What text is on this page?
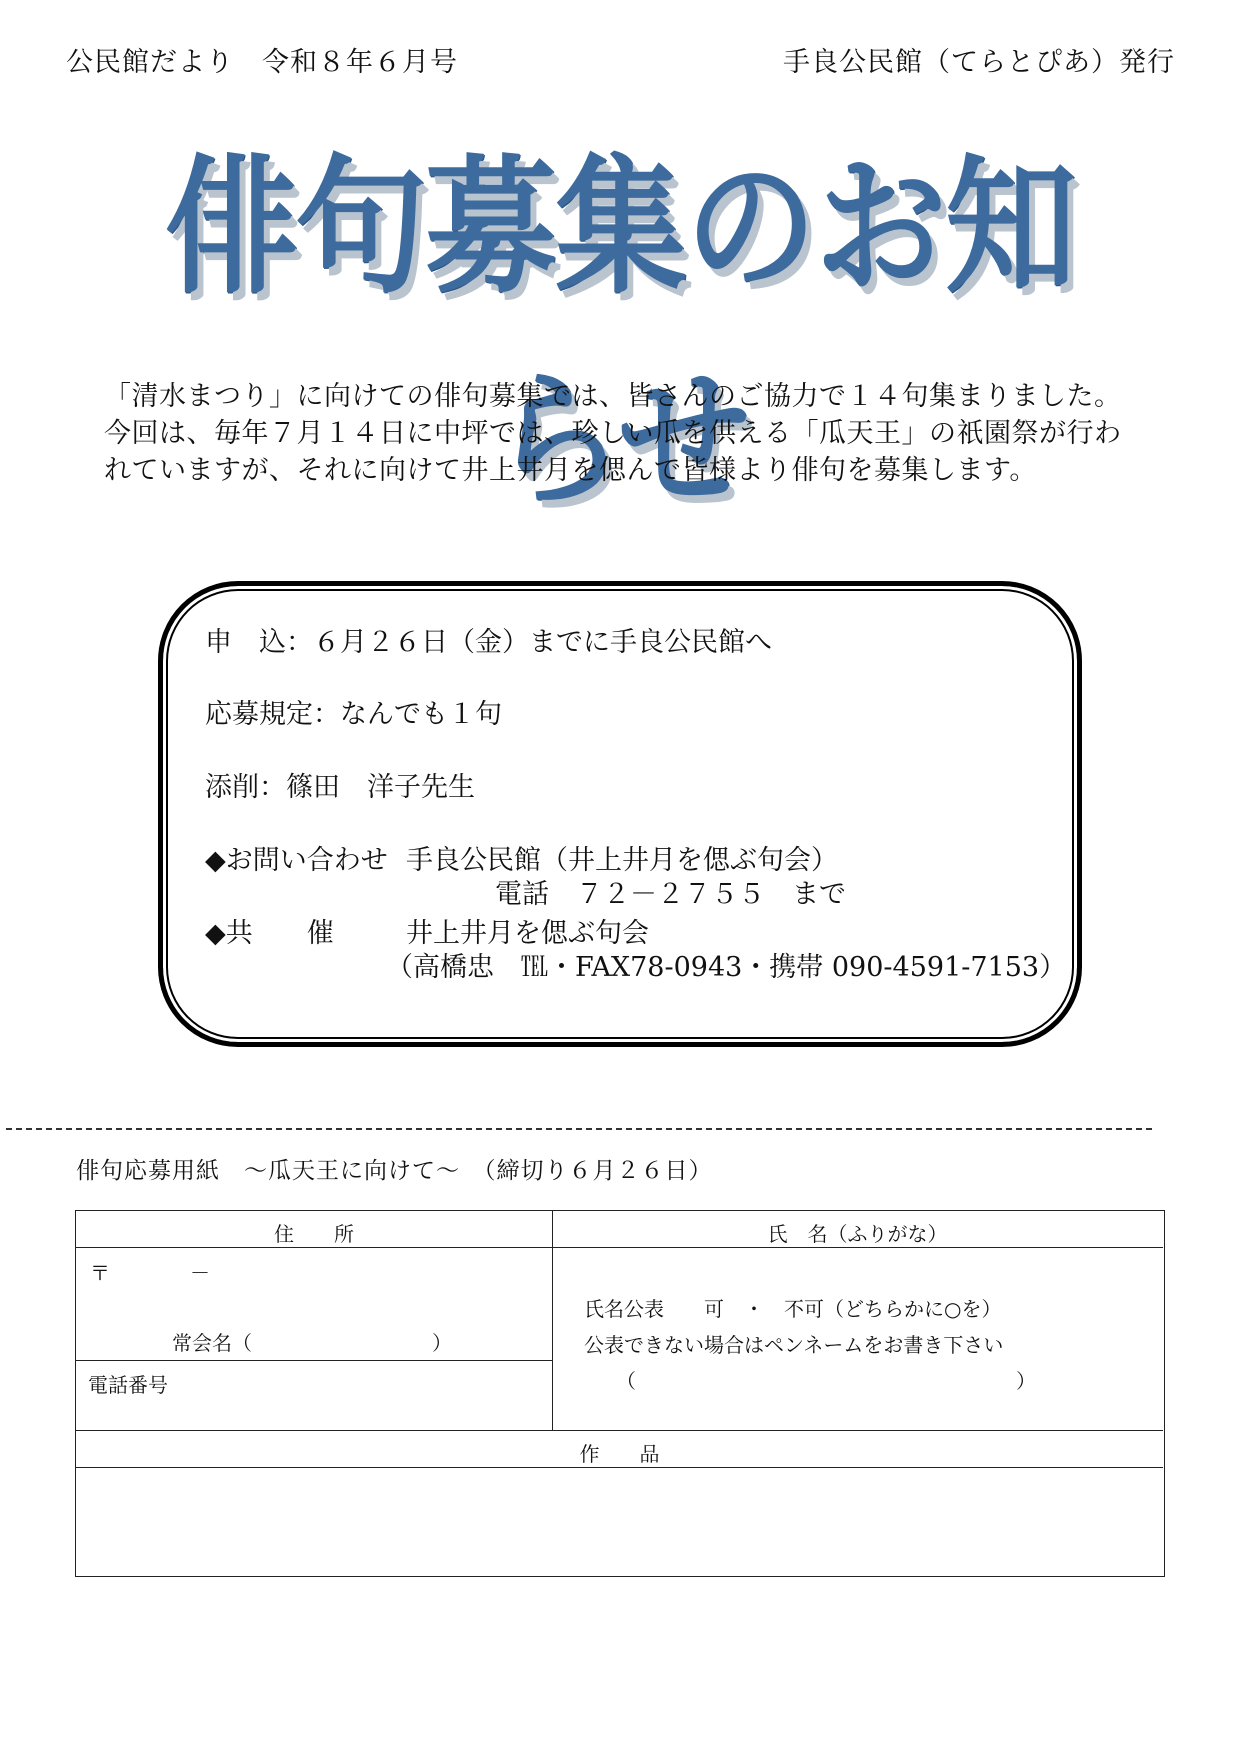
公民館だより　令和８年６月号	手良公民館（てらとぴあ）発行
俳句募集のお知らせ

「清水まつり」に向けての俳句募集では、皆さんのご協力で１４句集まりました。

今回は、毎年７月１４日に中坪では、珍しい瓜を供える「瓜天王」の祇園祭が行わ

れていますが、それに向けて井上井月を偲んで皆様より俳句を募集します。

申　込：６月２６日（金）までに手良公民館へ
応募規定：なんでも１句
添削：篠田　洋子先生
◆お問い合わせ 手良公民館（井上井月を偲ぶ句会）
電話　７２－２７５５　まで
◆共　　催	井上井月を偲ぶ句会
（高橋忠　℡・FAX78-0943・携帯 090-4591-7153）
俳句応募用紙　～瓜天王に向けて～　（締切り６月２６日）
住　　所	氏　名（ふりがな）
〒　　　　－
常会名（　　　　　　　　　）
電話番号
氏名公表　　可　・　不可（どちらかに○を）
公表できない場合はペンネームをお書き下さい
（　　　　　　　　　　　　　　　　　　　）
作　　品
